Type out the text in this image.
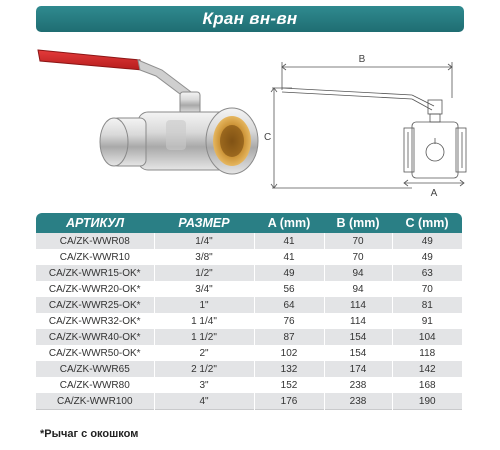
Кран вн-вн
B
C
A
АРТИКУЛ	РАЗМЕР	A (mm)	B (mm)	C (mm)
CA/ZK-WWR08	1/4"	41	70	49
CA/ZK-WWR10	3/8"	41	70	49
CA/ZK-WWR15-OK*	1/2"	49	94	63
CA/ZK-WWR20-OK*	3/4"	56	94	70
CA/ZK-WWR25-OK*	1"	64	114	81
CA/ZK-WWR32-OK*	1 1/4"	76	114	91
CA/ZK-WWR40-OK*	1 1/2"	87	154	104
CA/ZK-WWR50-OK*	2"	102	154	118
CA/ZK-WWR65	2 1/2"	132	174	142
CA/ZK-WWR80	3"	152	238	168
CA/ZK-WWR100	4"	176	238	190
*Рычаг с окошком
